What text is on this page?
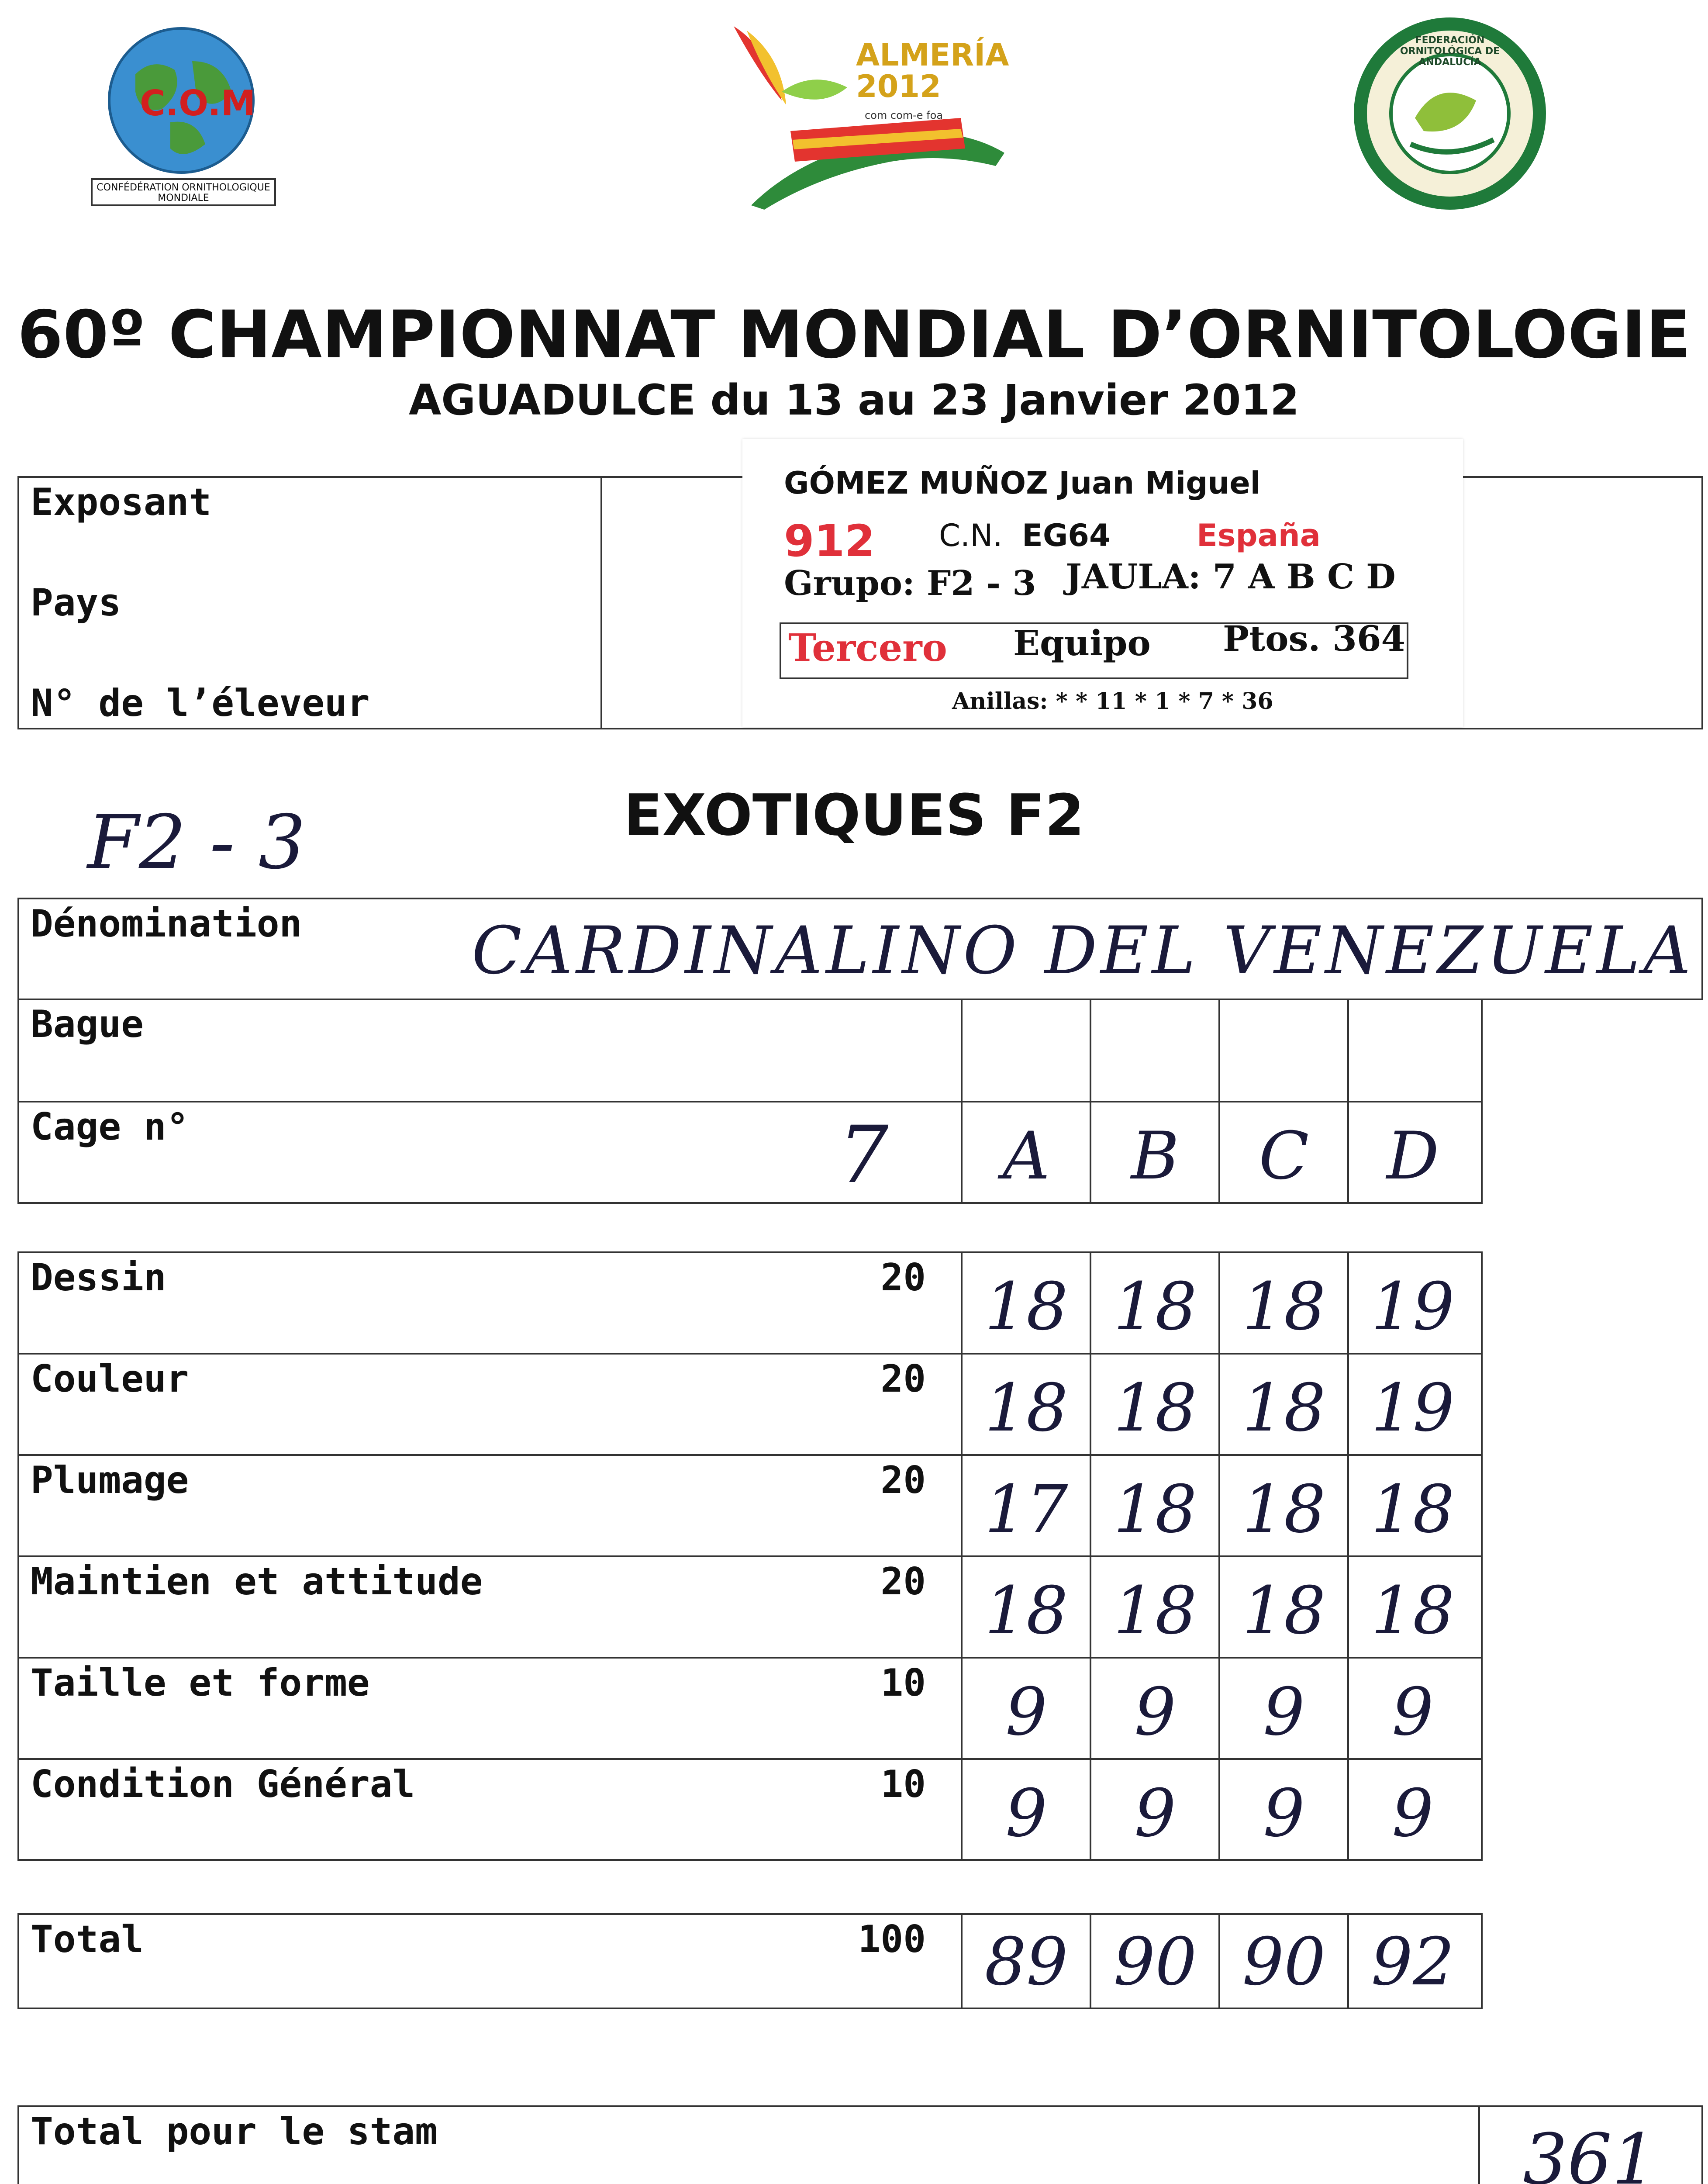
C.O.M
CONFÉDÉRATION ORNITHOLOGIQUE MONDIALE
ALMERÍA 2012
com com-e foa
FEDERACIÓN ORNITOLÓGICA DE ANDALUCÍA
60º CHAMPIONNAT MONDIAL D’ORNITOLOGIE
AGUADULCE du 13 au 23 Janvier 2012
Exposant
Pays
N° de l’éleveur
GÓMEZ MUÑOZ Juan Miguel
912 C.N. EG64	España
Grupo: F2 - 3 JAULA: 7 A B C D
Tercero Equipo Ptos. 364
Anillas: * * 11 * 1 * 7 * 36
F2 - 3	EXOTIQUES F2
Dénomination	CARDINALINO DEL VENEZUELA
Bague
Cage n°	7	A	B	C	D
Dessin	20 18 18 18 19
Couleur	20 18 18 18 19
Plumage	20 17 18 18 18
Maintien et attitude	20 18 18 18 18
Taille et forme	10	9	9	9	9
Condition Général	10	9	9	9	9
Total	100 89 90 90 92
Total pour le stam	361
